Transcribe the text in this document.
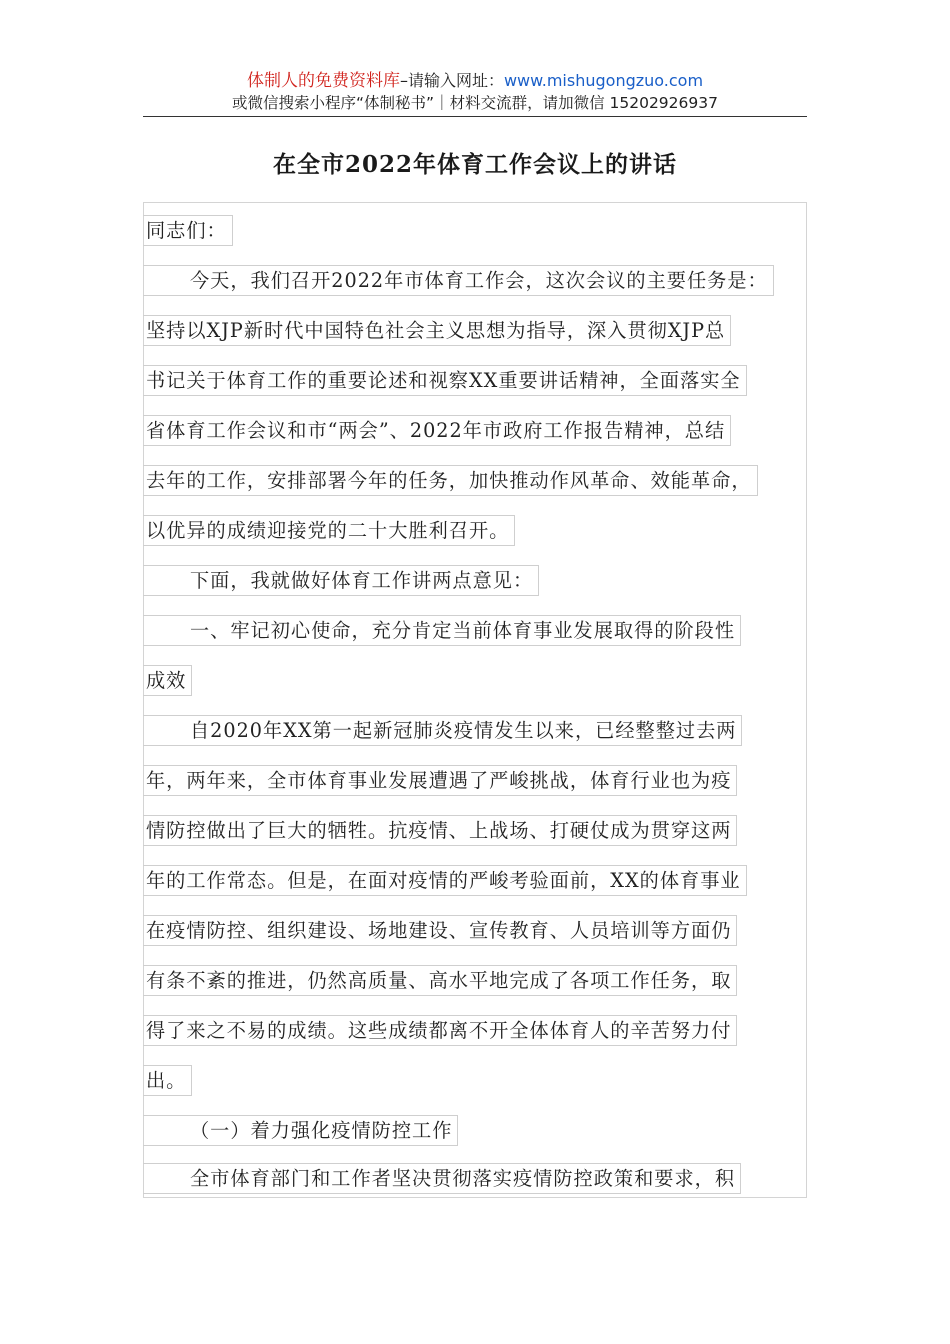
体制人的免费资料库–请输入网址：www.mishugongzuo.com
或微信搜索小程序“体制秘书”｜材料交流群，请加微信 15202926937
在全市2022年体育工作会议上的讲话
同志们：
今天，我们召开2022年市体育工作会，这次会议的主要任务是：
坚持以XJP新时代中国特色社会主义思想为指导，深入贯彻XJP总
书记关于体育工作的重要论述和视察XX重要讲话精神，全面落实全
省体育工作会议和市“两会”、2022年市政府工作报告精神，总结
去年的工作，安排部署今年的任务，加快推动作风革命、效能革命，
以优异的成绩迎接党的二十大胜利召开。
下面，我就做好体育工作讲两点意见：
一、牢记初心使命，充分肯定当前体育事业发展取得的阶段性
成效
自2020年XX第一起新冠肺炎疫情发生以来，已经整整过去两
年，两年来，全市体育事业发展遭遇了严峻挑战，体育行业也为疫
情防控做出了巨大的牺牲。抗疫情、上战场、打硬仗成为贯穿这两
年的工作常态。但是，在面对疫情的严峻考验面前，XX的体育事业
在疫情防控、组织建设、场地建设、宣传教育、人员培训等方面仍
有条不紊的推进，仍然高质量、高水平地完成了各项工作任务，取
得了来之不易的成绩。这些成绩都离不开全体体育人的辛苦努力付
出。
（一）着力强化疫情防控工作
全市体育部门和工作者坚决贯彻落实疫情防控政策和要求，积
